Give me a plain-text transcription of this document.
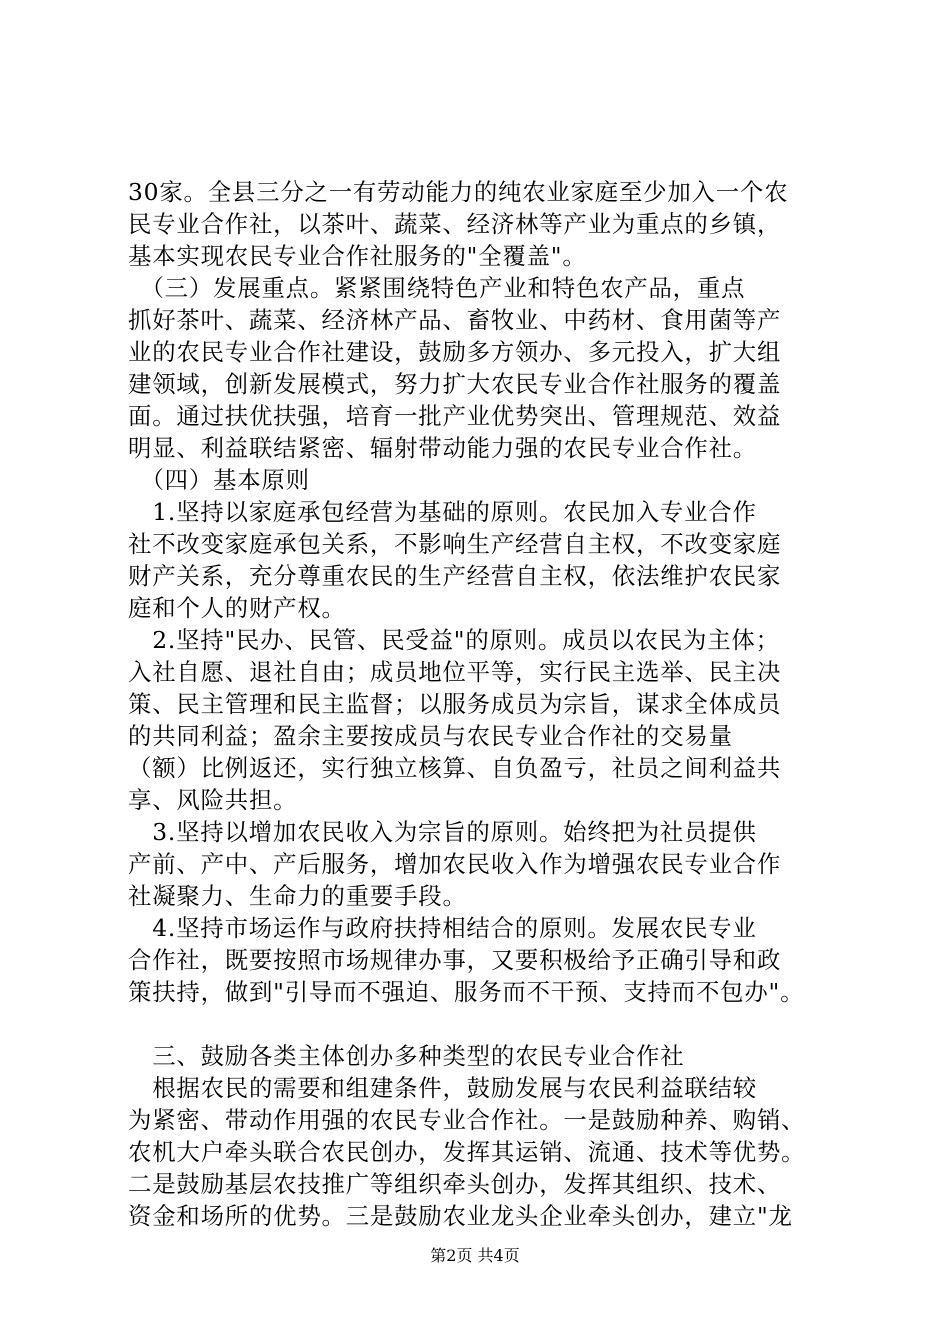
30家。全县三分之一有劳动能力的纯农业家庭至少加入一个农
民专业合作社，以茶叶、蔬菜、经济林等产业为重点的乡镇，
基本实现农民专业合作社服务的"全覆盖"。
　（三）发展重点。紧紧围绕特色产业和特色农产品，重点
抓好茶叶、蔬菜、经济林产品、畜牧业、中药材、食用菌等产
业的农民专业合作社建设，鼓励多方领办、多元投入，扩大组
建领域，创新发展模式，努力扩大农民专业合作社服务的覆盖
面。通过扶优扶强，培育一批产业优势突出、管理规范、效益
明显、利益联结紧密、辐射带动能力强的农民专业合作社。
　（四）基本原则
　1.坚持以家庭承包经营为基础的原则。农民加入专业合作
社不改变家庭承包关系，不影响生产经营自主权，不改变家庭
财产关系，充分尊重农民的生产经营自主权，依法维护农民家
庭和个人的财产权。
　2.坚持"民办、民管、民受益"的原则。成员以农民为主体；
入社自愿、退社自由；成员地位平等，实行民主选举、民主决
策、民主管理和民主监督；以服务成员为宗旨，谋求全体成员
的共同利益；盈余主要按成员与农民专业合作社的交易量
（额）比例返还，实行独立核算、自负盈亏，社员之间利益共
享、风险共担。
　3.坚持以增加农民收入为宗旨的原则。始终把为社员提供
产前、产中、产后服务，增加农民收入作为增强农民专业合作
社凝聚力、生命力的重要手段。
　4.坚持市场运作与政府扶持相结合的原则。发展农民专业
合作社，既要按照市场规律办事，又要积极给予正确引导和政
策扶持，做到"引导而不强迫、服务而不干预、支持而不包办"。
　三、鼓励各类主体创办多种类型的农民专业合作社
　根据农民的需要和组建条件，鼓励发展与农民利益联结较
为紧密、带动作用强的农民专业合作社。一是鼓励种养、购销、
农机大户牵头联合农民创办，发挥其运销、流通、技术等优势。
二是鼓励基层农技推广等组织牵头创办，发挥其组织、技术、
资金和场所的优势。三是鼓励农业龙头企业牵头创办，建立"龙
第2页 共4页
